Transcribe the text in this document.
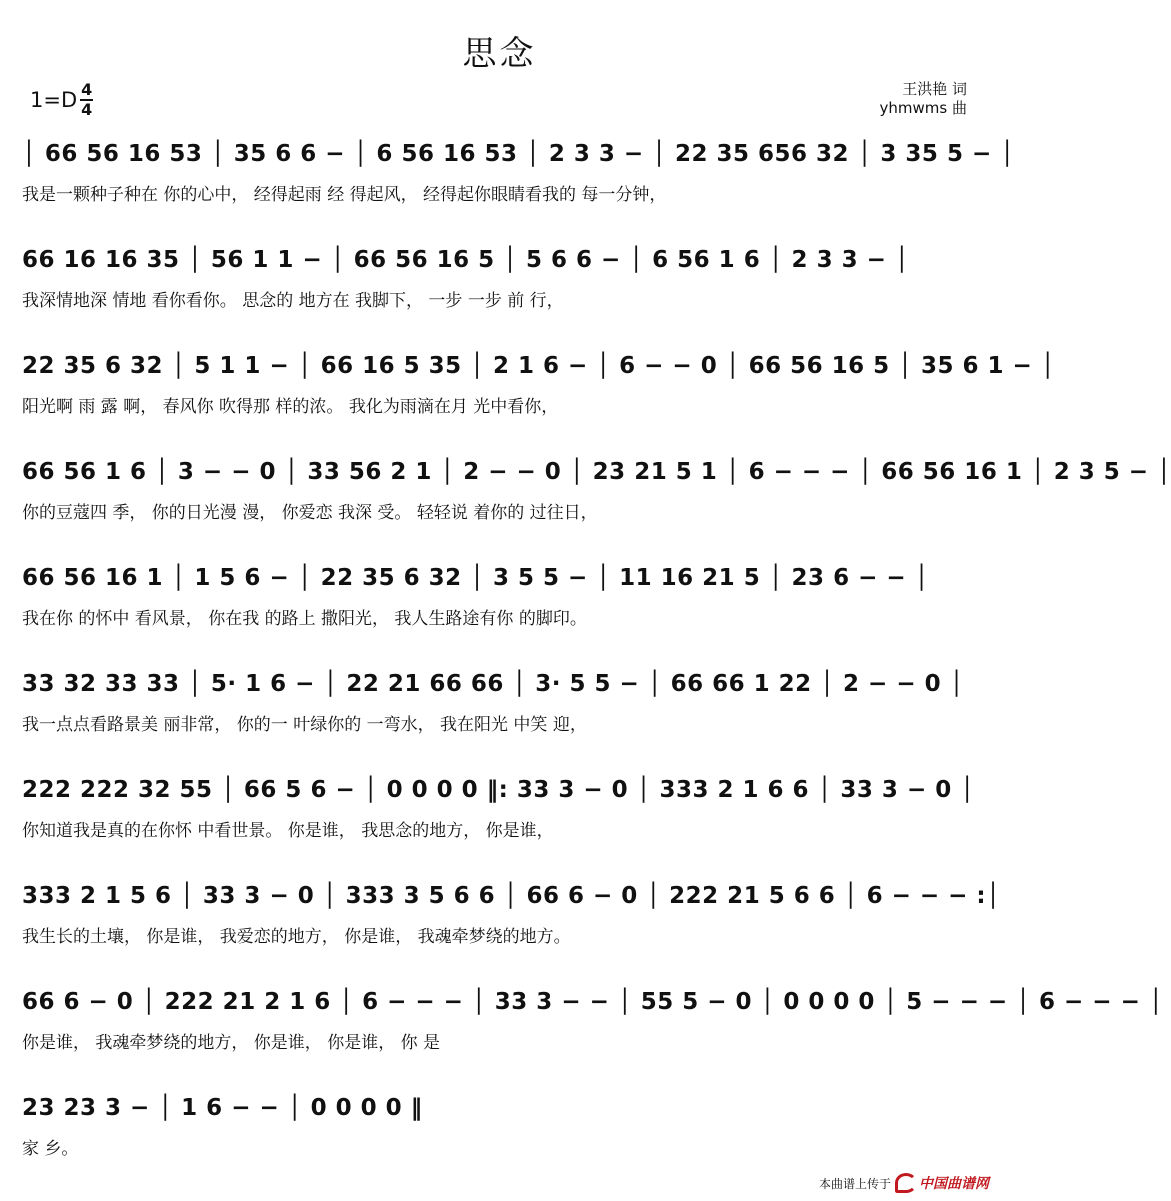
思念
1=D 4
4
王洪艳 词
yhmwms 曲
│ 66 56 16 53 │ 35 6 6 − │ 6 56 16 53 │ 2 3 3 − │ 22 35 656 32 │ 3 35 5 − │
我是一颗种子种在 你的心中， 经得起雨 经 得起风， 经得起你眼睛看我的 每一分钟，
66 16 16 35 │ 56 1 1 − │ 66 56 16 5 │ 5 6 6 − │ 6 56 1 6 │ 2 3 3 − │
我深情地深 情地 看你看你。 思念的 地方在 我脚下， 一步 一步 前 行，
22 35 6 32 │ 5 1 1 − │ 66 16 5 35 │ 2 1 6 − │ 6 − − 0 │ 66 56 16 5 │ 35 6 1 − │
阳光啊 雨 露 啊， 春风你 吹得那 样的浓。 我化为雨滴在月 光中看你，
66 56 1 6 │ 3 − − 0 │ 33 56 2 1 │ 2 − − 0 │ 23 21 5 1 │ 6 − − − │ 66 56 16 1 │ 2 3 5 − │
你的豆蔻四 季， 你的日光漫 漫， 你爱恋 我深 受。 轻轻说 着你的 过往日，
66 56 16 1 │ 1 5 6 − │ 22 35 6 32 │ 3 5 5 − │ 11 16 21 5 │ 23 6 − − │
我在你 的怀中 看风景， 你在我 的路上 撒阳光， 我人生路途有你 的脚印。
33 32 33 33 │ 5· 1 6 − │ 22 21 66 66 │ 3· 5 5 − │ 66 66 1 22 │ 2 − − 0 │
我一点点看路景美 丽非常， 你的一 叶绿你的 一弯水， 我在阳光 中笑 迎，
222 222 32 55 │ 66 5 6 − │ 0 0 0 0 ‖: 33 3 − 0 │ 333 2 1 6 6 │ 33 3 − 0 │
你知道我是真的在你怀 中看世景。 你是谁， 我思念的地方， 你是谁，
333 2 1 5 6 │ 33 3 − 0 │ 333 3 5 6 6 │ 66 6 − 0 │ 222 21 5 6 6 │ 6 − − − :│
我生长的土壤， 你是谁， 我爱恋的地方， 你是谁， 我魂牵梦绕的地方。
66 6 − 0 │ 222 21 2 1 6 │ 6 − − − │ 33 3 − − │ 55 5 − 0 │ 0 0 0 0 │ 5 − − − │ 6 − − − │
你是谁， 我魂牵梦绕的地方， 你是谁， 你是谁， 你 是
23 23 3 − │ 1 6 − − │ 0 0 0 0 ‖
家 乡。
本曲谱上传于 中国曲谱网
